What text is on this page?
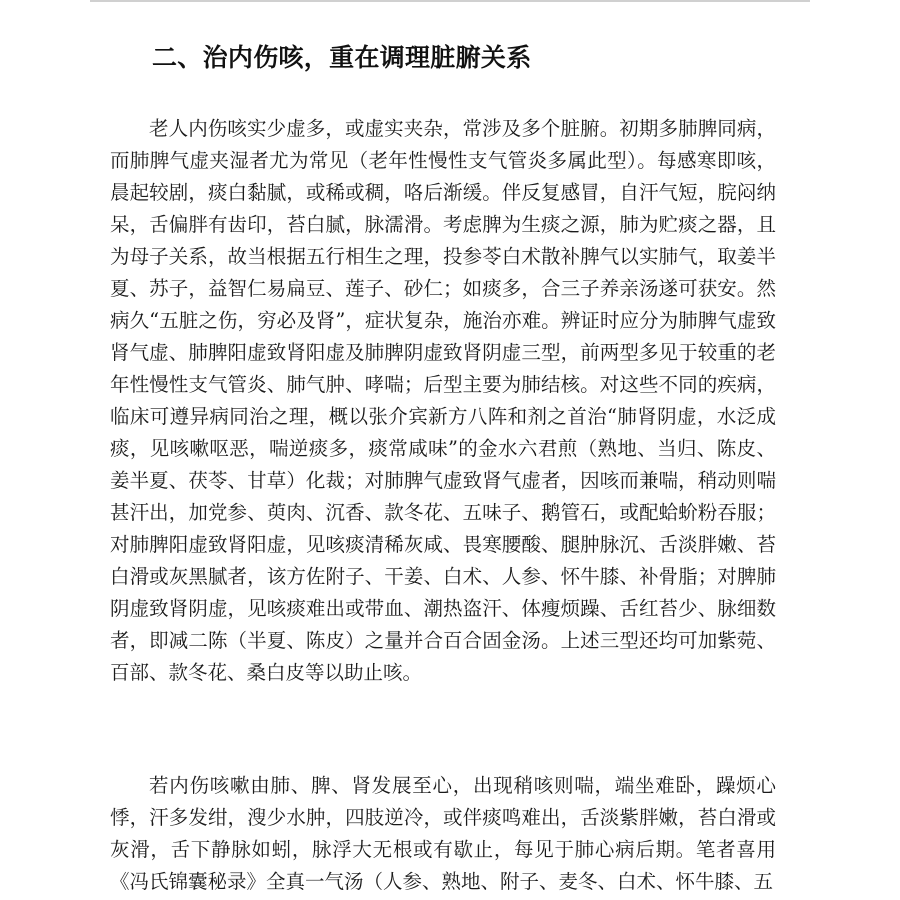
二、治内伤咳，重在调理脏腑关系

老人内伤咳实少虚多，或虚实夹杂，常涉及多个脏腑。初期多肺脾同病，而肺脾气虚夹湿者尤为常见（老年性慢性支气管炎多属此型）。每感寒即咳，晨起较剧，痰白黏腻，或稀或稠，咯后渐缓。伴反复感冒，自汗气短，脘闷纳呆，舌偏胖有齿印，苔白腻，脉濡滑。考虑脾为生痰之源，肺为贮痰之器，且为母子关系，故当根据五行相生之理，投参苓白术散补脾气以实肺气，取姜半夏、苏子，益智仁易扁豆、莲子、砂仁；如痰多，合三子养亲汤遂可获安。然病久“五脏之伤，穷必及肾”，症状复杂，施治亦难。辨证时应分为肺脾气虚致肾气虚、肺脾阳虚致肾阳虚及肺脾阴虚致肾阴虚三型，前两型多见于较重的老年性慢性支气管炎、肺气肿、哮喘；后型主要为肺结核。对这些不同的疾病，临床可遵异病同治之理，概以张介宾新方八阵和剂之首治“肺肾阴虚，水泛成痰，见咳嗽呕恶，喘逆痰多，痰常咸味”的金水六君煎（熟地、当归、陈皮、姜半夏、茯苓、甘草）化裁；对肺脾气虚致肾气虚者，因咳而兼喘，稍动则喘甚汗出，加党参、萸肉、沉香、款冬花、五味子、鹅管石，或配蛤蚧粉吞服；对肺脾阳虚致肾阳虚，见咳痰清稀灰咸、畏寒腰酸、腿肿脉沉、舌淡胖嫩、苔白滑或灰黑腻者，该方佐附子、干姜、白术、人参、怀牛膝、补骨脂；对脾肺阴虚致肾阴虚，见咳痰难出或带血、潮热盗汗、体瘦烦躁、舌红苔少、脉细数者，即减二陈（半夏、陈皮）之量并合百合固金汤。上述三型还均可加紫菀、百部、款冬花、桑白皮等以助止咳。

若内伤咳嗽由肺、脾、肾发展至心，出现稍咳则喘，端坐难卧，躁烦心悸，汗多发绀，溲少水肿，四肢逆冷，或伴痰鸣难出，舌淡紫胖嫩，苔白滑或灰滑，舌下静脉如蚓，脉浮大无根或有歇止，每见于肺心病后期。笔者喜用《冯氏锦囊秘录》全真一气汤（人参、熟地、附子、麦冬、白术、怀牛膝、五
